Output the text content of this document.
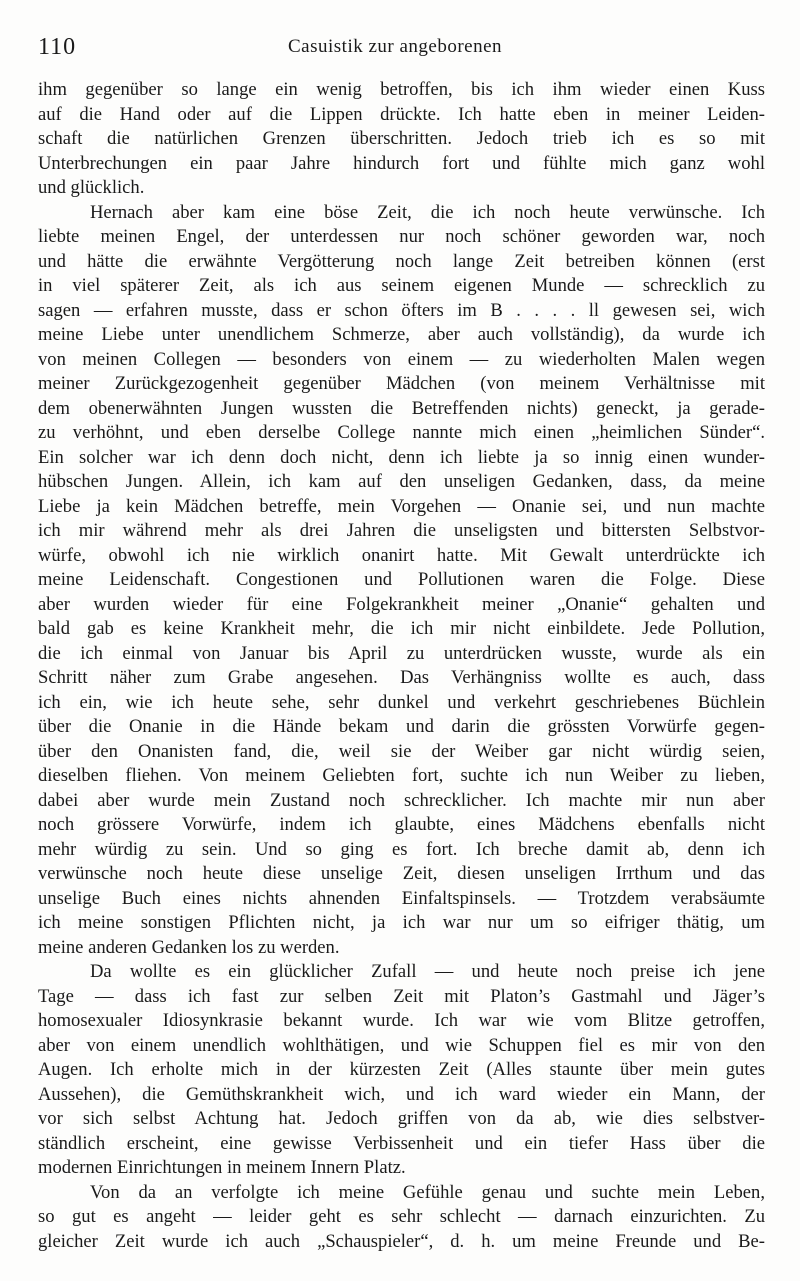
110	Casuistik zur angeborenen
ihm gegenüber so lange ein wenig betroffen, bis ich ihm wieder einen Kuss
auf die Hand oder auf die Lippen drückte. Ich hatte eben in meiner Leiden-
schaft die natürlichen Grenzen überschritten. Jedoch trieb ich es so mit
Unterbrechungen ein paar Jahre hindurch fort und fühlte mich ganz wohl
und glücklich.
Hernach aber kam eine böse Zeit, die ich noch heute verwünsche. Ich
liebte meinen Engel, der unterdessen nur noch schöner geworden war, noch
und hätte die erwähnte Vergötterung noch lange Zeit betreiben können (erst
in viel späterer Zeit, als ich aus seinem eigenen Munde — schrecklich zu
sagen — erfahren musste, dass er schon öfters im B . . . . ll gewesen sei, wich
meine Liebe unter unendlichem Schmerze, aber auch vollständig), da wurde ich
von meinen Collegen — besonders von einem — zu wiederholten Malen wegen
meiner Zurückgezogenheit gegenüber Mädchen (von meinem Verhältnisse mit
dem obenerwähnten Jungen wussten die Betreffenden nichts) geneckt, ja gerade-
zu verhöhnt, und eben derselbe College nannte mich einen „heimlichen Sünder“.
Ein solcher war ich denn doch nicht, denn ich liebte ja so innig einen wunder-
hübschen Jungen. Allein, ich kam auf den unseligen Gedanken, dass, da meine
Liebe ja kein Mädchen betreffe, mein Vorgehen — Onanie sei, und nun machte
ich mir während mehr als drei Jahren die unseligsten und bittersten Selbstvor-
würfe, obwohl ich nie wirklich onanirt hatte. Mit Gewalt unterdrückte ich
meine Leidenschaft. Congestionen und Pollutionen waren die Folge. Diese
aber wurden wieder für eine Folgekrankheit meiner „Onanie“ gehalten und
bald gab es keine Krankheit mehr, die ich mir nicht einbildete. Jede Pollution,
die ich einmal von Januar bis April zu unterdrücken wusste, wurde als ein
Schritt näher zum Grabe angesehen. Das Verhängniss wollte es auch, dass
ich ein, wie ich heute sehe, sehr dunkel und verkehrt geschriebenes Büchlein
über die Onanie in die Hände bekam und darin die grössten Vorwürfe gegen-
über den Onanisten fand, die, weil sie der Weiber gar nicht würdig seien,
dieselben fliehen. Von meinem Geliebten fort, suchte ich nun Weiber zu lieben,
dabei aber wurde mein Zustand noch schrecklicher. Ich machte mir nun aber
noch grössere Vorwürfe, indem ich glaubte, eines Mädchens ebenfalls nicht
mehr würdig zu sein. Und so ging es fort. Ich breche damit ab, denn ich
verwünsche noch heute diese unselige Zeit, diesen unseligen Irrthum und das
unselige Buch eines nichts ahnenden Einfaltspinsels. — Trotzdem verabsäumte
ich meine sonstigen Pflichten nicht, ja ich war nur um so eifriger thätig, um
meine anderen Gedanken los zu werden.
Da wollte es ein glücklicher Zufall — und heute noch preise ich jene
Tage — dass ich fast zur selben Zeit mit Platon’s Gastmahl und Jäger’s
homosexualer Idiosynkrasie bekannt wurde. Ich war wie vom Blitze getroffen,
aber von einem unendlich wohlthätigen, und wie Schuppen fiel es mir von den
Augen. Ich erholte mich in der kürzesten Zeit (Alles staunte über mein gutes
Aussehen), die Gemüthskrankheit wich, und ich ward wieder ein Mann, der
vor sich selbst Achtung hat. Jedoch griffen von da ab, wie dies selbstver-
ständlich erscheint, eine gewisse Verbissenheit und ein tiefer Hass über die
modernen Einrichtungen in meinem Innern Platz.
Von da an verfolgte ich meine Gefühle genau und suchte mein Leben,
so gut es angeht — leider geht es sehr schlecht — darnach einzurichten. Zu
gleicher Zeit wurde ich auch „Schauspieler“, d. h. um meine Freunde und Be-
